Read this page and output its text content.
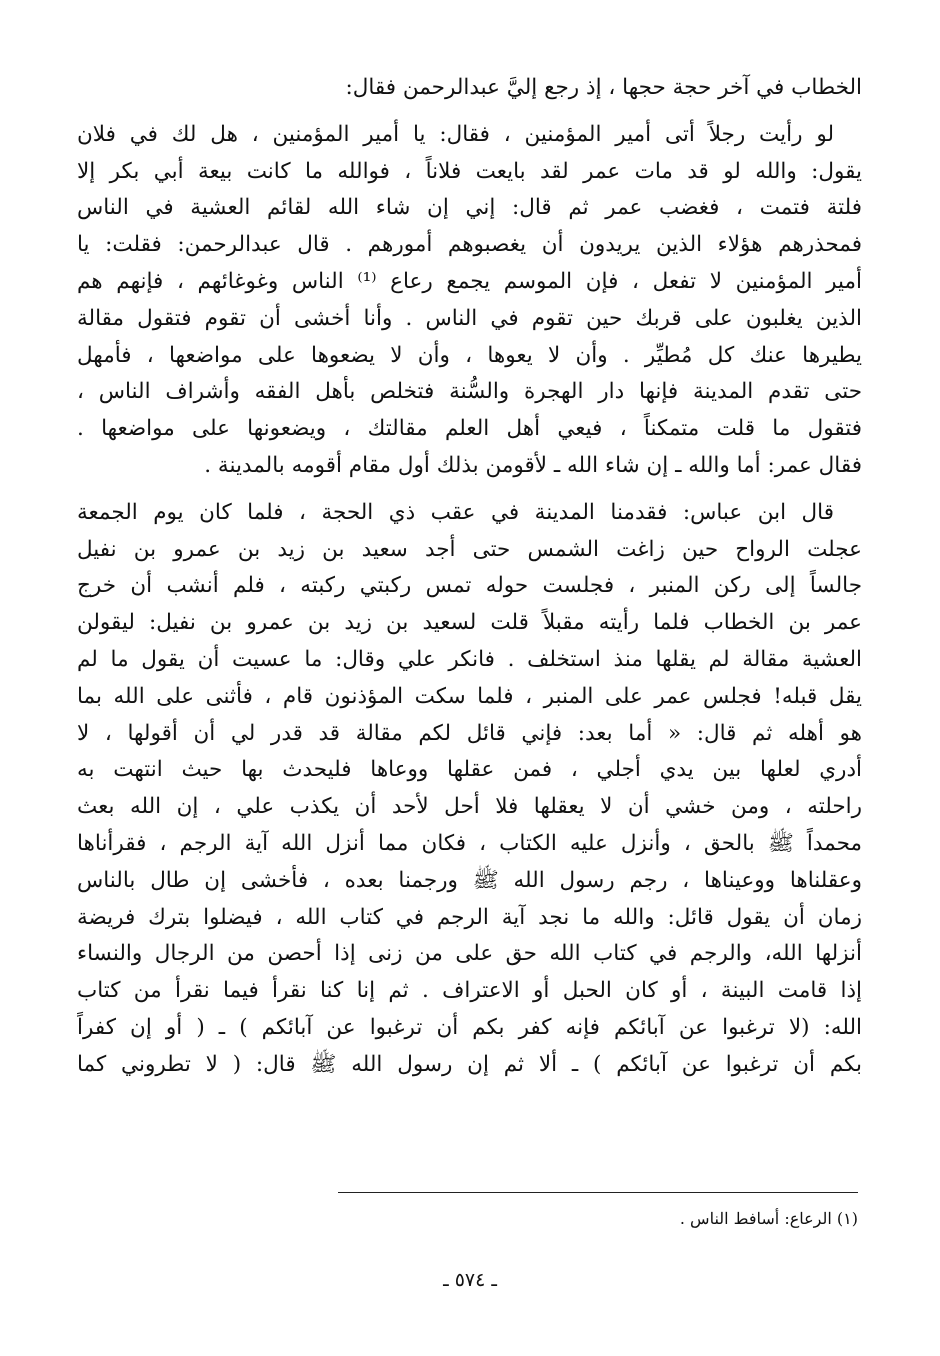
الخطاب في آخر حجة حجها ، إذ رجع إليَّ عبدالرحمن فقال:
لو رأيت رجلاً أتى أمير المؤمنين ، فقال: يا أمير المؤمنين ، هل لك في فلان
يقول: والله لو قد مات عمر لقد بايعت فلاناً ، فوالله ما كانت بيعة أبي بكر إلا
فلتة فتمت ، فغضب عمر ثم قال: إني إن شاء الله لقائم العشية في الناس
فمحذرهم هؤلاء الذين يريدون أن يغصبوهم أمورهم . قال عبدالرحمن: فقلت: يا
أمير المؤمنين لا تفعل ، فإن الموسم يجمع رعاع ⁽¹⁾ الناس وغوغائهم ، فإنهم هم
الذين يغلبون على قربك حين تقوم في الناس . وأنا أخشى أن تقوم فتقول مقالة
يطيرها عنك كل مُطيِّر . وأن لا يعوها ، وأن لا يضعوها على مواضعها ، فأمهل
حتى تقدم المدينة فإنها دار الهجرة والسُّنة فتخلص بأهل الفقه وأشراف الناس ،
فتقول ما قلت متمكناً ، فيعي أهل العلم مقالتك ، ويضعونها على مواضعها .
فقال عمر: أما والله ـ إن شاء الله ـ لأقومن بذلك أول مقام أقومه بالمدينة .
قال ابن عباس: فقدمنا المدينة في عقب ذي الحجة ، فلما كان يوم الجمعة
عجلت الرواح حين زاغت الشمس حتى أجد سعيد بن زيد بن عمرو بن نفيل
جالساً إلى ركن المنبر ، فجلست حوله تمس ركبتي ركبته ، فلم أنشب أن خرج
عمر بن الخطاب فلما رأيته مقبلاً قلت لسعيد بن زيد بن عمرو بن نفيل: ليقولن
العشية مقالة لم يقلها منذ استخلف . فانكر علي وقال: ما عسيت أن يقول ما لم
يقل قبله! فجلس عمر على المنبر ، فلما سكت المؤذنون قام ، فأثنى على الله بما
هو أهله ثم قال: « أما بعد: فإني قائل لكم مقالة قد قدر لي أن أقولها ، لا
أدري لعلها بين يدي أجلي ، فمن عقلها ووعاها فليحدث بها حيث انتهت به
راحلته ، ومن خشي أن لا يعقلها فلا أحل لأحد أن يكذب علي ، إن الله بعث
محمداً ﷺ بالحق ، وأنزل عليه الكتاب ، فكان مما أنزل الله آية الرجم ، فقرأناها
وعقلناها ووعيناها ، رجم رسول الله ﷺ ورجمنا بعده ، فأخشى إن طال بالناس
زمان أن يقول قائل: والله ما نجد آية الرجم في كتاب الله ، فيضلوا بترك فريضة
أنزلها الله، والرجم في كتاب الله حق على من زنى إذا أحصن من الرجال والنساء
إذا قامت البينة ، أو كان الحبل أو الاعتراف . ثم إنا كنا نقرأ فيما نقرأ من كتاب
الله: (لا ترغبوا عن آبائكم فإنه كفر بكم أن ترغبوا عن آبائكم ) ـ ( أو إن كفراً
بكم أن ترغبوا عن آبائكم ) ـ ألا ثم إن رسول الله ﷺ قال: ( لا تطروني كما
(١) الرعاع: أسافط الناس .
ـ ٥٧٤ ـ
